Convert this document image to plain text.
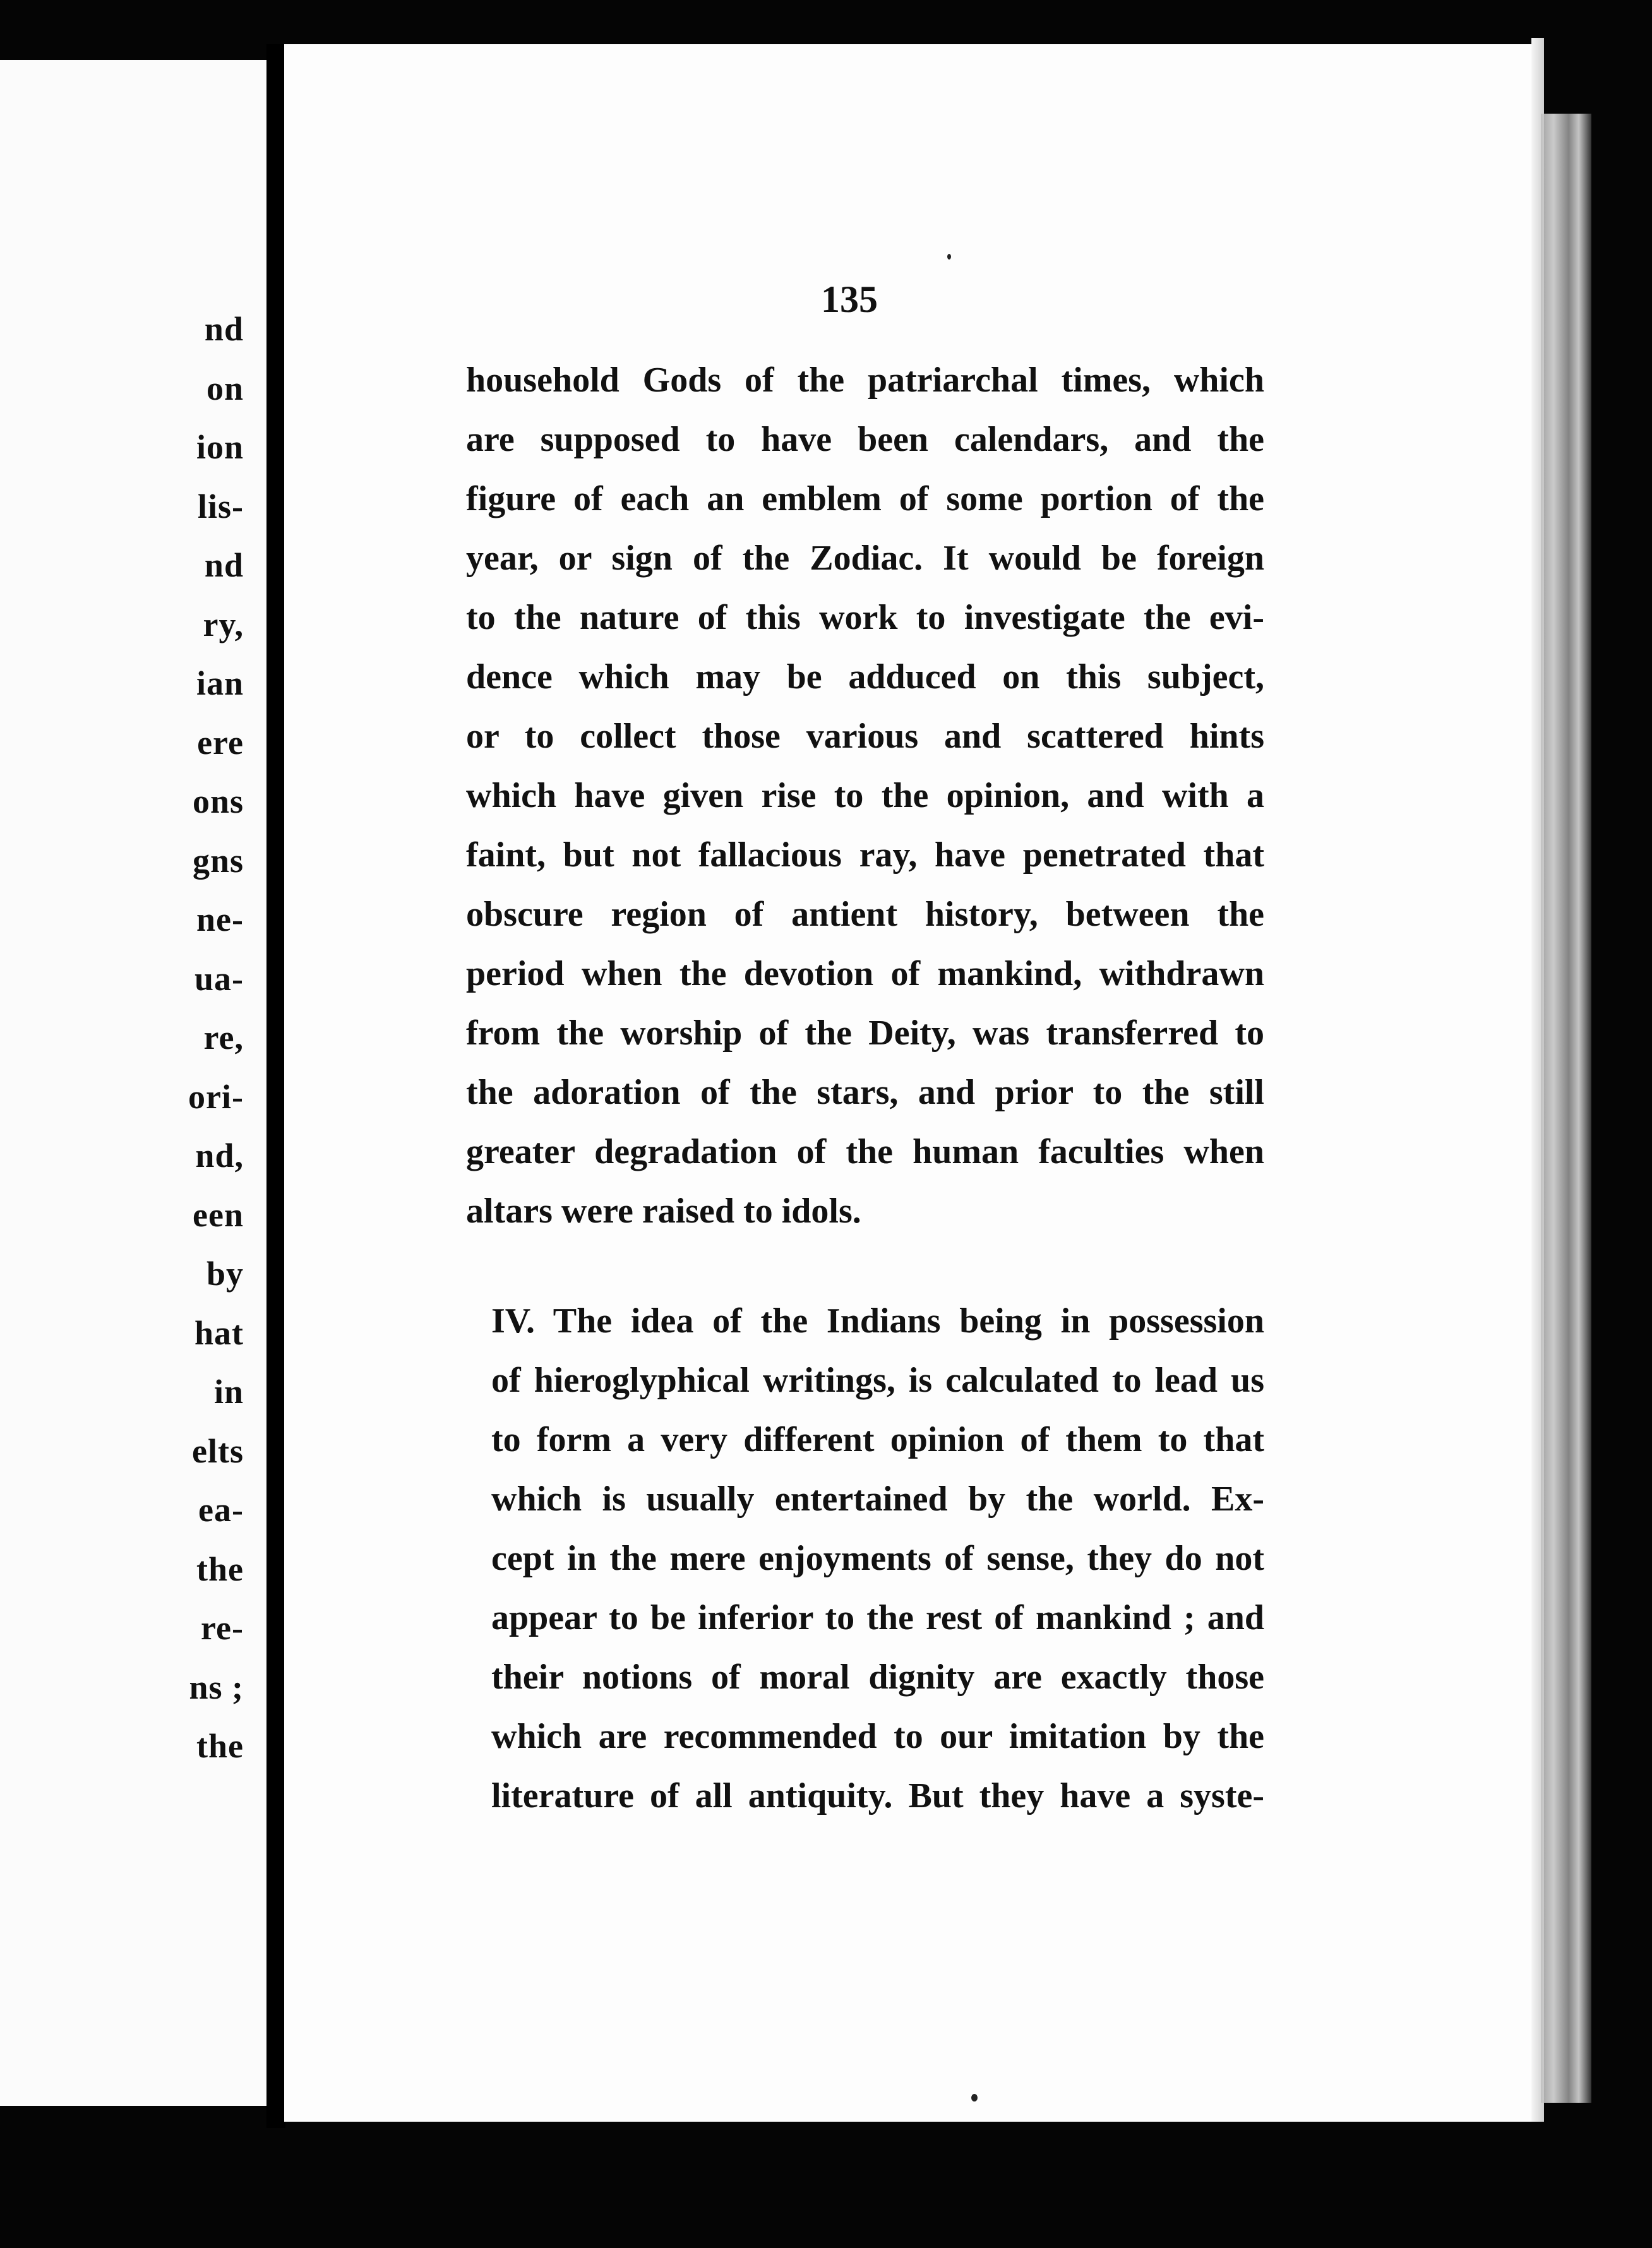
nd
on
ion
lis-
nd
ry,
ian
ere
ons
gns
ne-
ua-
re,
ori-
nd,
een
by
hat
in
elts
ea-
the
re-
ns ;
the
135
household Gods of the patriarchal times, which
are supposed to have been calendars, and the
figure of each an emblem of some portion of the
year, or sign of the Zodiac. It would be foreign
to the nature of this work to investigate the evi-
dence which may be adduced on this subject,
or to collect those various and scattered hints
which have given rise to the opinion, and with a
faint, but not fallacious ray, have penetrated that
obscure region of antient history, between the
period when the devotion of mankind, withdrawn
from the worship of the Deity, was transferred to
the adoration of the stars, and prior to the still
greater degradation of the human faculties when
altars were raised to idols.
IV. The idea of the Indians being in possession
of hieroglyphical writings, is calculated to lead us
to form a very different opinion of them to that
which is usually entertained by the world. Ex-
cept in the mere enjoyments of sense, they do not
appear to be inferior to the rest of mankind ; and
their notions of moral dignity are exactly those
which are recommended to our imitation by the
literature of all antiquity. But they have a syste-
